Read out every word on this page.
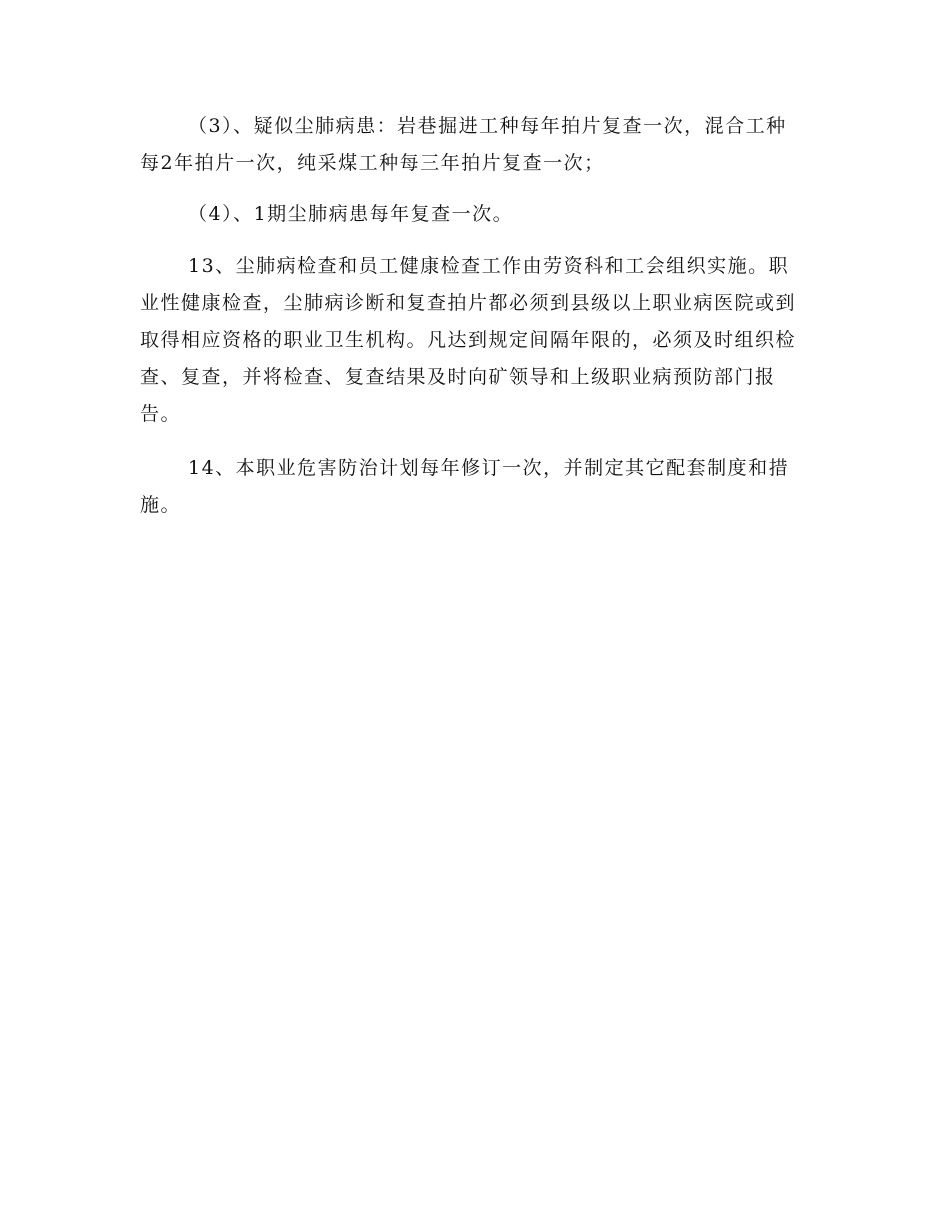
（3）、疑似尘肺病患：岩巷掘进工种每年拍片复查一次，混合工种每2年拍片一次，纯采煤工种每三年拍片复查一次；

（4）、1期尘肺病患每年复查一次。

13、尘肺病检查和员工健康检查工作由劳资科和工会组织实施。职业性健康检查，尘肺病诊断和复查拍片都必须到县级以上职业病医院或到取得相应资格的职业卫生机构。凡达到规定间隔年限的，必须及时组织检查、复查，并将检查、复查结果及时向矿领导和上级职业病预防部门报告。

14、本职业危害防治计划每年修订一次，并制定其它配套制度和措施。
